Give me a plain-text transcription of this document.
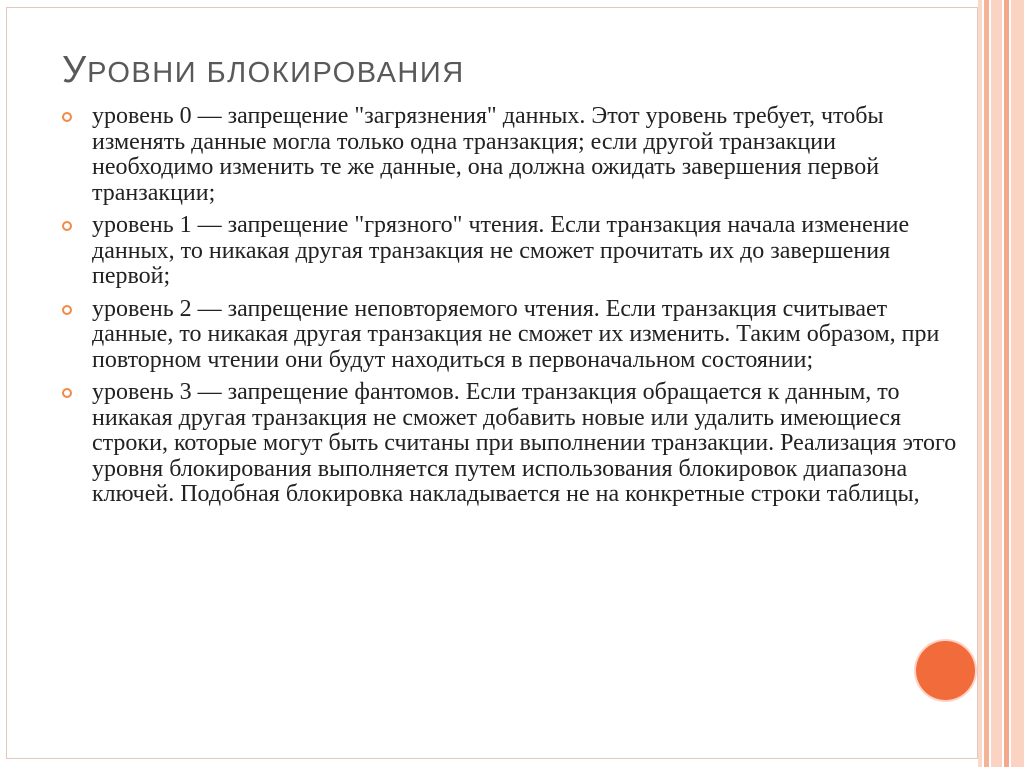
УРОВНИ БЛОКИРОВАНИЯ
уровень 0 — запрещение "загрязнения" данных. Этот уровень требует, чтобы изменять данные могла только одна транзакция; если другой транзакции необходимо изменить те же данные, она должна ожидать завершения первой транзакции;
уровень 1 — запрещение "грязного" чтения. Если транзакция начала изменение данных, то никакая другая транзакция не сможет прочитать их до завершения первой;
уровень 2 — запрещение неповторяемого чтения. Если транзакция считывает данные, то никакая другая транзакция не сможет их изменить. Таким образом, при повторном чтении они будут находиться в первоначальном состоянии;
уровень 3 — запрещение фантомов. Если транзакция обращается к данным, то никакая другая транзакция не сможет добавить новые или удалить имеющиеся строки, которые могут быть считаны при выполнении транзакции. Реализация этого уровня блокирования выполняется путем использования блокировок диапазона ключей. Подобная блокировка накладывается не на конкретные строки таблицы,
